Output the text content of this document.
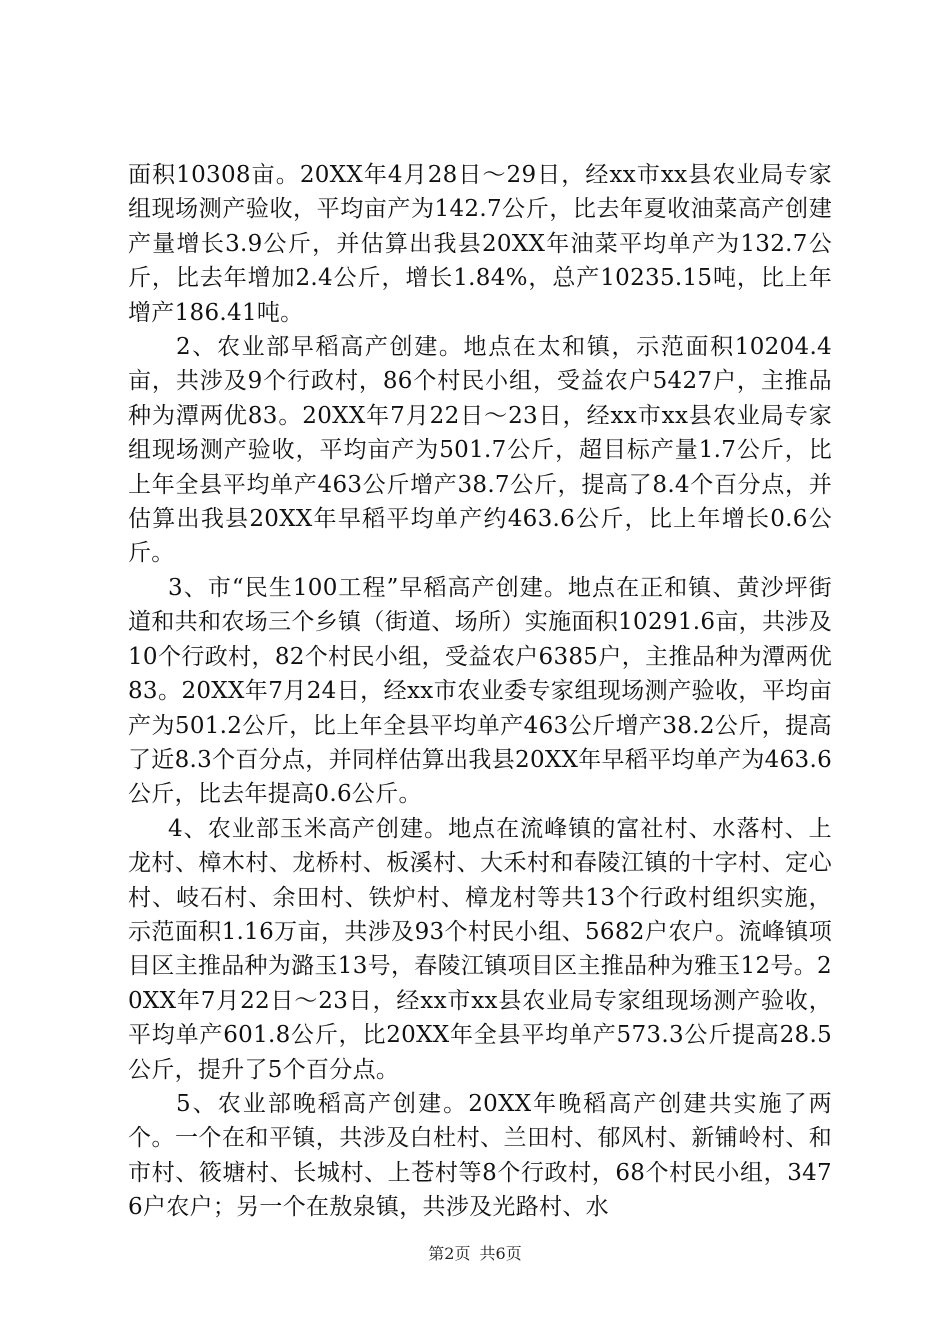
面积10308亩。20XX年4月28日～29日，经xx市xx县农业局专家组现场测产验收，平均亩产为142.7公斤，比去年夏收油菜高产创建产量增长3.9公斤，并估算出我县20XX年油菜平均单产为132.7公斤，比去年增加2.4公斤，增长1.84%，总产10235.15吨，比上年增产186.41吨。

2、农业部早稻高产创建。地点在太和镇，示范面积10204.4亩，共涉及9个行政村，86个村民小组，受益农户5427户，主推品种为潭两优83。20XX年7月22日～23日，经xx市xx县农业局专家组现场测产验收，平均亩产为501.7公斤，超目标产量1.7公斤，比上年全县平均单产463公斤增产38.7公斤，提高了8.4个百分点，并估算出我县20XX年早稻平均单产约463.6公斤，比上年增长0.6公斤。

3、市“民生100工程”早稻高产创建。地点在正和镇、黄沙坪街道和共和农场三个乡镇（街道、场所）实施面积10291.6亩，共涉及10个行政村，82个村民小组，受益农户6385户，主推品种为潭两优83。20XX年7月24日，经xx市农业委专家组现场测产验收，平均亩产为501.2公斤，比上年全县平均单产463公斤增产38.2公斤，提高了近8.3个百分点，并同样估算出我县20XX年早稻平均单产为463.6公斤，比去年提高0.6公斤。

4、农业部玉米高产创建。地点在流峰镇的富社村、水落村、上龙村、樟木村、龙桥村、板溪村、大禾村和春陵江镇的十字村、定心村、岐石村、余田村、铁炉村、樟龙村等共13个行政村组织实施，示范面积1.16万亩，共涉及93个村民小组、5682户农户。流峰镇项目区主推品种为潞玉13号，春陵江镇项目区主推品种为雅玉12号。20XX年7月22日～23日，经xx市xx县农业局专家组现场测产验收，平均单产601.8公斤，比20XX年全县平均单产573.3公斤提高28.5公斤，提升了5个百分点。

5、农业部晚稻高产创建。20XX年晚稻高产创建共实施了两个。一个在和平镇，共涉及白杜村、兰田村、郁风村、新铺岭村、和市村、筱塘村、长城村、上苍村等8个行政村，68个村民小组，3476户农户；另一个在敖泉镇，共涉及光路村、水

第2页 共6页
